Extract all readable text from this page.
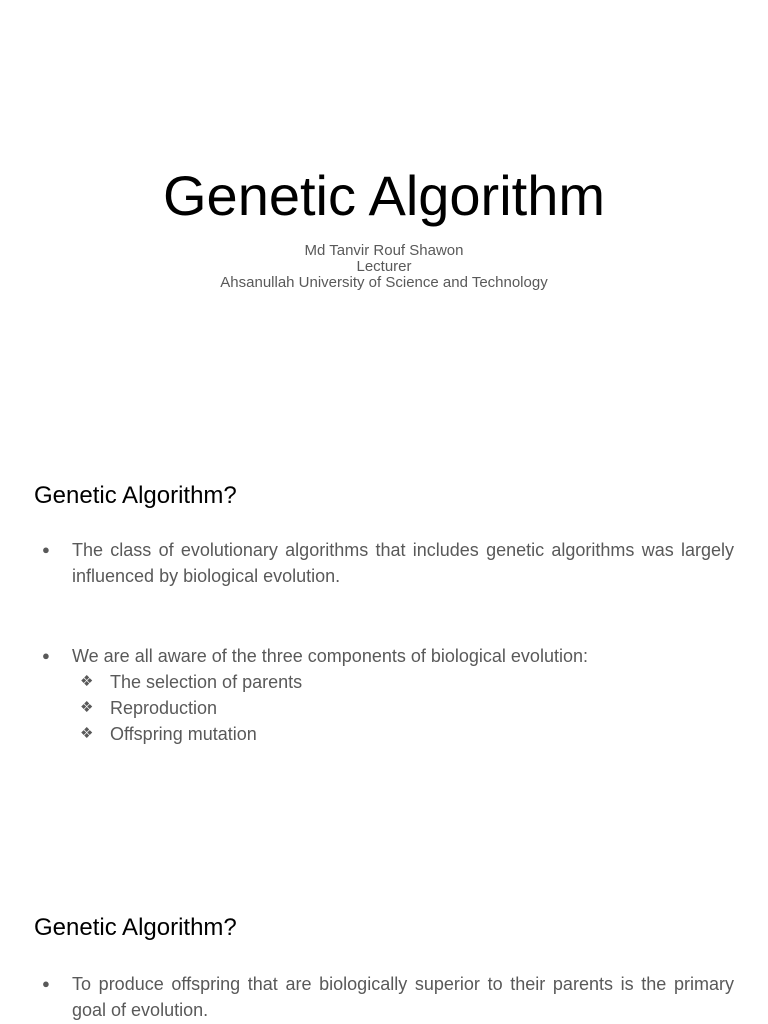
Genetic Algorithm
Md Tanvir Rouf Shawon
Lecturer
Ahsanullah University of Science and Technology
Genetic Algorithm?
● The class of evolutionary algorithms that includes genetic algorithms was largely influenced by biological evolution.
● We are all aware of the three components of biological evolution:
❖ The selection of parents
❖ Reproduction
❖ Offspring mutation
Genetic Algorithm?
● To produce offspring that are biologically superior to their parents is the primary goal of evolution.
